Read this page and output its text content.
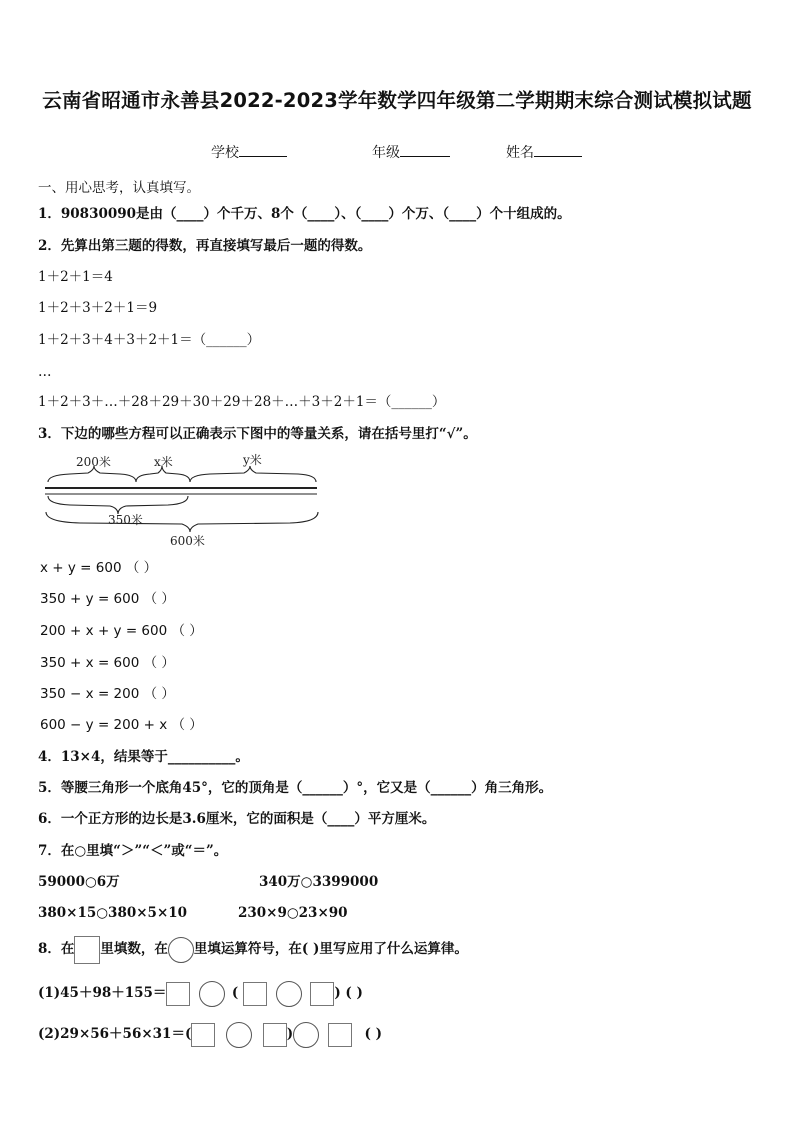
云南省昭通市永善县2022-2023学年数学四年级第二学期期末综合测试模拟试题
学校	年级	姓名
一、用心思考，认真填写。
1．90830090是由（____）个千万、8个（____）、（____）个万、（____）个十组成的。
2．先算出第三题的得数，再直接填写最后一题的得数。
1＋2＋1＝4
1＋2＋3＋2＋1＝9
1＋2＋3＋4＋3＋2＋1＝（______）
…
1＋2＋3＋…＋28＋29＋30＋29＋28＋…＋3＋2＋1＝（______）
3．下边的哪些方程可以正确表示下图中的等量关系，请在括号里打“√”。
200米	x米	y米
350米
600米
x + y = 600 （ ）
350 + y = 600 （ ）
200 + x + y = 600 （ ）
350 + x = 600 （ ）
350 − x = 200 （ ）
600 − y = 200 + x （ ）
4．13×4，结果等于__________。
5．等腰三角形一个底角45°，它的顶角是（______）°，它又是（______）角三角形。
6．一个正方形的边长是3.6厘米，它的面积是（____）平方厘米。
7．在○里填“＞”“＜”或“＝”。
59000○6万	340万○3399000
380×15○380×5×10	230×9○23×90
8．在 里填数，在 里填运算符号，在( )里写应用了什么运算律。
(1)45＋98＋155＝	(	) ( )
(2)29×56＋56×31＝(	)	( )
